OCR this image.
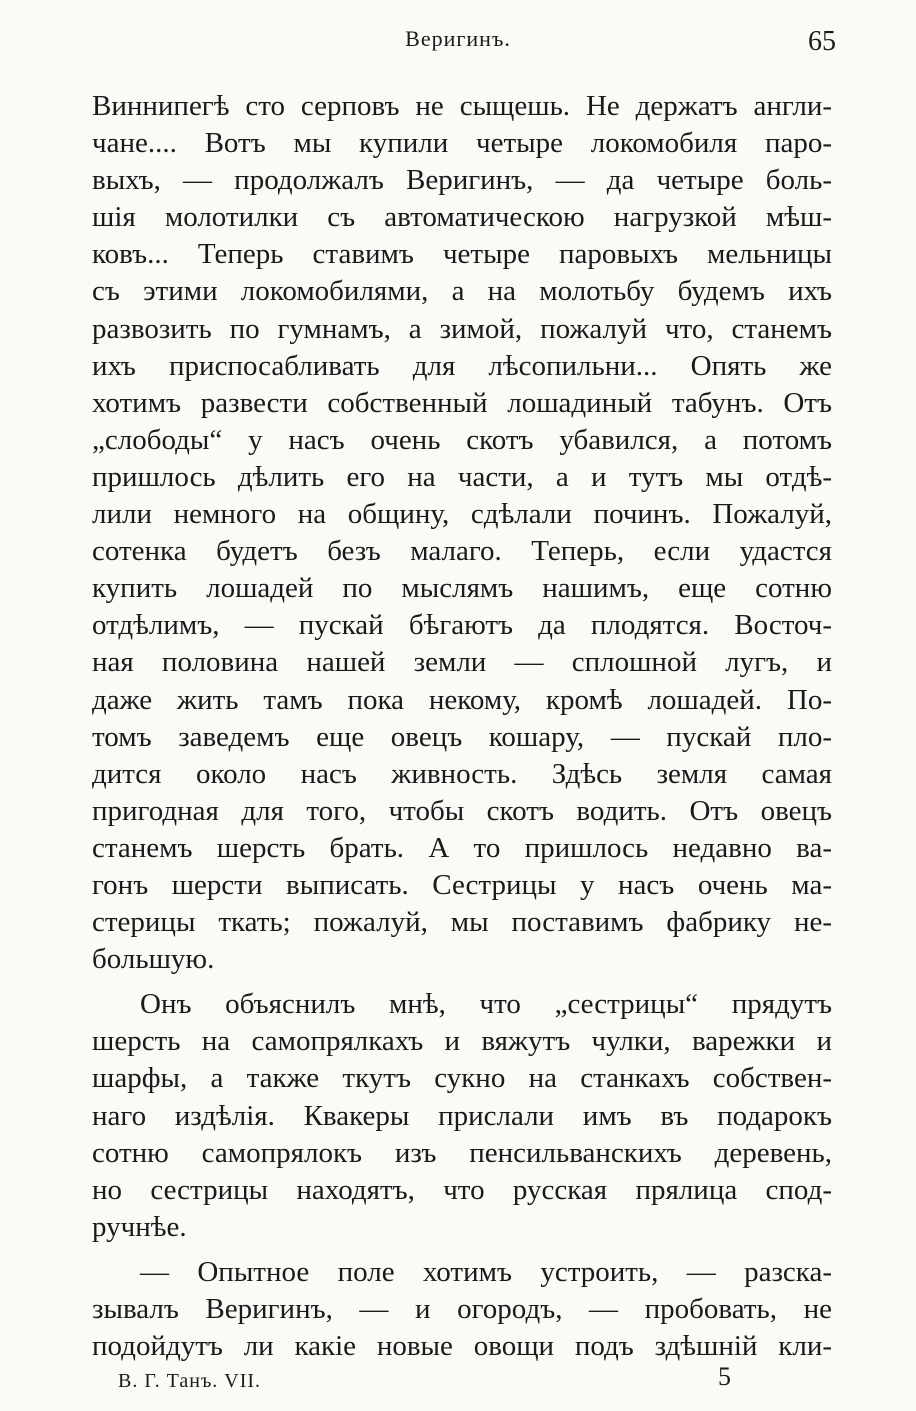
Веригинъ.	65
Виннипегѣ сто серповъ не сыщешь. Не держатъ англи-
чане.... Вотъ мы купили четыре локомобиля паро-
выхъ, — продолжалъ Веригинъ, — да четыре боль-
шія молотилки съ автоматическою нагрузкой мѣш-
ковъ... Теперь ставимъ четыре паровыхъ мельницы
съ этими локомобилями, а на молотьбу будемъ ихъ
развозить по гумнамъ, а зимой, пожалуй что, станемъ
ихъ приспосабливать для лѣсопильни... Опять же
хотимъ развести собственный лошадиный табунъ. Отъ
„слободы“ у насъ очень скотъ убавился, а потомъ
пришлось дѣлить его на части, а и тутъ мы отдѣ-
лили немного на общину, сдѣлали починъ. Пожалуй,
сотенка будетъ безъ малаго. Теперь, если удастся
купить лошадей по мыслямъ нашимъ, еще сотню
отдѣлимъ, — пускай бѣгаютъ да плодятся. Восточ-
ная половина нашей земли — сплошной лугъ, и
даже жить тамъ пока некому, кромѣ лошадей. По-
томъ заведемъ еще овецъ кошару, — пускай пло-
дится около насъ живность. Здѣсь земля самая
пригодная для того, чтобы скотъ водить. Отъ овецъ
станемъ шерсть брать. А то пришлось недавно ва-
гонъ шерсти выписать. Сестрицы у насъ очень ма-
стерицы ткать; пожалуй, мы поставимъ фабрику не-
большую.
Онъ объяснилъ мнѣ, что „сестрицы“ прядутъ
шерсть на самопрялкахъ и вяжутъ чулки, варежки и
шарфы, а также ткутъ сукно на станкахъ собствен-
наго издѣлія. Квакеры прислали имъ въ подарокъ
сотню самопрялокъ изъ пенсильванскихъ деревень,
но сестрицы находятъ, что русская прялица спод-
ручнѣе.
— Опытное поле хотимъ устроить, — разска-
зывалъ Веригинъ, — и огородъ, — пробовать, не
подойдутъ ли какіе новые овощи подъ здѣшній кли-
В. Г. Танъ. VII.	5
